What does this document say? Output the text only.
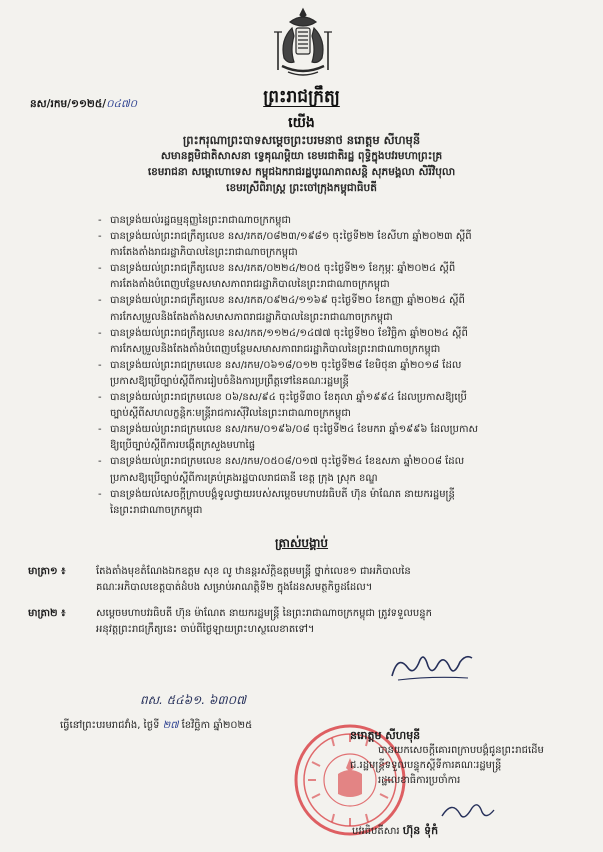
នស/រកម/១១២៥/០៤៧០	ព្រះរាជក្រឹត្យ
យើង
ព្រះករុណាព្រះបាទសម្ដេចព្រះបរមនាថ នរោត្តម សីហមុនី
សមានគ្គមិជាតិសាសនា ទ្វេគុណម្ដិយា ខេមរជាតិរដ្ឋ ពុទ្ធិក្នុងបវរមហាព្រះគ្រ
ខេមរាជនា សម្ពោហោទេស កម្ពុជឯករាជរដ្ឋបូរណភាពសន្តិ សុភមង្គលា សិរីវិបុលា
ខេមរស្រីពិរាស្ត្រ ព្រះចៅក្រុងកម្ពុជាធិបតី
- បានទ្រង់យល់រដ្ឋធម្មនុញ្ញនៃព្រះរាជាណាចក្រកម្ពុជា
- បានទ្រង់យល់ព្រះរាជក្រឹត្យលេខ នស/រកត/០៨២៣/១៩៨១ ចុះថ្ងៃទី២២ ខែសីហា ឆ្នាំ២០២៣ ស្ដីពី
ការតែងតាំងរាជរដ្ឋាភិបាលនៃព្រះរាជាណាចក្រកម្ពុជា
- បានទ្រង់យល់ព្រះរាជក្រឹត្យលេខ នស/រកត/០២២៤/២០៥ ចុះថ្ងៃទី២១ ខែកុម្ភៈ ឆ្នាំ២០២៤ ស្ដីពី
ការតែងតាំងបំពេញបន្ថែមសមាសភាពរាជរដ្ឋាភិបាលនៃព្រះរាជាណាចក្រកម្ពុជា
- បានទ្រង់យល់ព្រះរាជក្រឹត្យលេខ នស/រកត/០៩២៤/១១៦៩ ចុះថ្ងៃទី២០ ខែកញ្ញា ឆ្នាំ២០២៤ ស្ដីពី
ការកែសម្រួលនិងតែងតាំងសមាសភាពរាជរដ្ឋាភិបាលនៃព្រះរាជាណាចក្រកម្ពុជា
- បានទ្រង់យល់ព្រះរាជក្រឹត្យលេខ នស/រកត/១១២៤/១៤៧៧ ចុះថ្ងៃទី២០ ខែវិច្ឆិកា ឆ្នាំ២០២៤ ស្ដីពី
ការកែសម្រួលនិងតែងតាំងបំពេញបន្ថែមសមាសភាពរាជរដ្ឋាភិបាលនៃព្រះរាជាណាចក្រកម្ពុជា
- បានទ្រង់យល់ព្រះរាជក្រមលេខ នស/រកម/០៦១៨/០១២ ចុះថ្ងៃទី២៨ ខែមិថុនា ឆ្នាំ២០១៨ ដែល
ប្រកាសឱ្យប្រើច្បាប់ស្ដីពីការរៀបចំនិងការប្រព្រឹត្តទៅនៃគណៈរដ្ឋមន្ត្រី
- បានទ្រង់យល់ព្រះរាជក្រមលេខ ០៦/នស/៩៤ ចុះថ្ងៃទី៣០ ខែតុលា ឆ្នាំ១៩៩៤ ដែលប្រកាសឱ្យប្រើ
ច្បាប់ស្ដីពីសហលក្ខន្តិកៈមន្ត្រីរាជការស៊ីវិលនៃព្រះរាជាណាចក្រកម្ពុជា
- បានទ្រង់យល់ព្រះរាជក្រមលេខ នស/រកម/០១៩៦/០៨ ចុះថ្ងៃទី២៤ ខែមករា ឆ្នាំ១៩៩៦ ដែលប្រកាស
ឱ្យប្រើច្បាប់ស្ដីពីការបង្កើតក្រសួងមហាផ្ទៃ
- បានទ្រង់យល់ព្រះរាជក្រមលេខ នស/រកម/០៥០៨/០១៧ ចុះថ្ងៃទី២៤ ខែឧសភា ឆ្នាំ២០០៨ ដែល
ប្រកាសឱ្យប្រើច្បាប់ស្ដីពីការគ្រប់គ្រងរដ្ឋបាលរាជធានី ខេត្ត ក្រុង ស្រុក ខណ្ឌ
- បានទ្រង់យល់សេចក្ដីក្រាបបង្គំទូលថ្វាយរបស់សម្ដេចមហាបវរធិបតី ហ៊ុន ម៉ាណែត នាយករដ្ឋមន្ត្រី
នៃព្រះរាជាណាចក្រកម្ពុជា
ត្រាស់បង្គាប់
មាត្រា១ ៖	តែងតាំងមុខតំណែងឯកឧត្តម សុខ លូ ឋានន្តរស័ក្តិឧត្តមមន្ត្រី ថ្នាក់លេខ១ ជាអភិបាលនៃ
គណៈអភិបាលខេត្តបាត់ដំបង សម្រាប់អាណត្តិទី២ ក្នុងដែនសមត្ថកិច្ចដដែល។
មាត្រា២ ៖	សម្ដេចមហាបវរធិបតី ហ៊ុន ម៉ាណែត នាយករដ្ឋមន្ត្រី នៃព្រះរាជាណាចក្រកម្ពុជា ត្រូវទទួលបន្ទុក
អនុវត្តព្រះរាជក្រឹត្យនេះ ចាប់ពីថ្ងៃឡាយព្រះហស្ថលេខាតទៅ។
ពស. ៥៤៦១. ៦៣០៧
ធ្វើនៅព្រះបរមរាជវាំង, ថ្ងៃទី ២៧ ខែវិច្ឆិកា ឆ្នាំ២០២៥
នរោត្តម សីហមុនី
បានយកសេចក្ដីគោរពក្រាបបង្គំជូនព្រះរាជដើម
ជ.រដ្ឋមន្ត្រីទទួលបន្ទុកស្ដីទីការគណៈរដ្ឋមន្ត្រី
រដ្ឋលេខាធិការប្រចាំការ
បវរធិបតីសារ ហ៊ុន ទុំកំ
